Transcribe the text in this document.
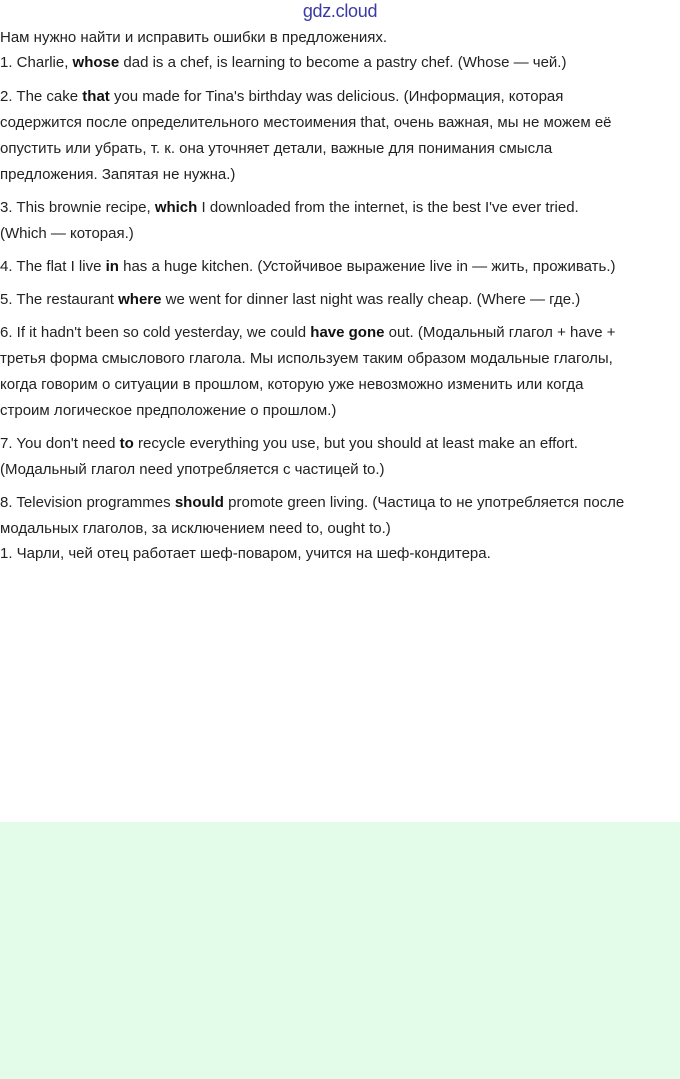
gdz.cloud
Нам нужно найти и исправить ошибки в предложениях.
1. Charlie, whose dad is a chef, is learning to become a pastry chef. (Whose — чей.)
2. The cake that you made for Tina's birthday was delicious. (Информация, которая
содержится после определительного местоимения that, очень важная, мы не можем её
опустить или убрать, т. к. она уточняет детали, важные для понимания смысла
предложения. Запятая не нужна.)
3. This brownie recipe, which I downloaded from the internet, is the best I've ever tried.
(Which — которая.)
4. The flat I live in has a huge kitchen. (Устойчивое выражение live in — жить, проживать.)
5. The restaurant where we went for dinner last night was really cheap. (Where — где.)
6. If it hadn't been so cold yesterday, we could have gone out. (Модальный глагол + have +
третья форма смыслового глагола. Мы используем таким образом модальные глаголы,
когда говорим о ситуации в прошлом, которую уже невозможно изменить или когда
строим логическое предположение о прошлом.)
7. You don't need to recycle everything you use, but you should at least make an effort.
(Модальный глагол need употребляется с частицей to.)
8. Television programmes should promote green living. (Частица to не употребляется после
модальных глаголов, за исключением need to, ought to.)
1. Чарли, чей отец работает шеф-поваром, учится на шеф-кондитера.
